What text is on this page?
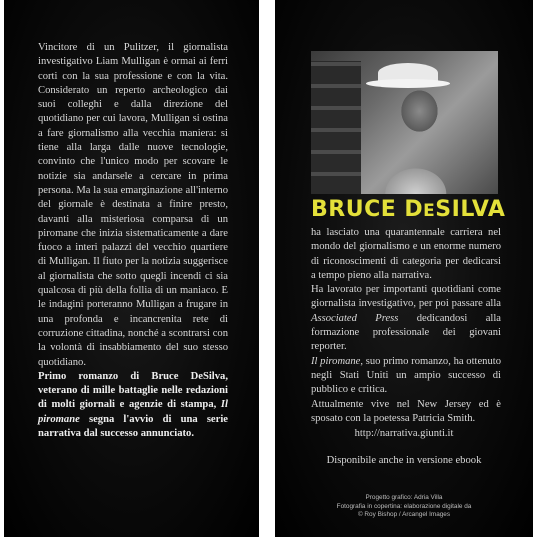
Vincitore di un Pulitzer, il giornalista investigativo Liam Mulligan è ormai ai ferri corti con la sua professione e con la vita. Considerato un reperto archeologico dai suoi colleghi e dalla direzione del quotidiano per cui lavora, Mulligan si ostina a fare giornalismo alla vecchia maniera: si tiene alla larga dalle nuove tecnologie, convinto che l'unico modo per scovare le notizie sia andarsele a cercare in prima persona. Ma la sua emarginazione all'interno del giornale è destinata a finire presto, davanti alla misteriosa comparsa di un piromane che inizia sistematicamente a dare fuoco a interi palazzi del vecchio quartiere di Mulligan. Il fiuto per la notizia suggerisce al giornalista che sotto quegli incendi ci sia qualcosa di più della follia di un maniaco. E le indagini porteranno Mulligan a frugare in una profonda e incancrenita rete di corruzione cittadina, nonché a scontrarsi con la volontà di insabbiamento del suo stesso quotidiano.

Primo romanzo di Bruce DeSilva, veterano di mille battaglie nelle redazioni di molti giornali e agenzie di stampa, Il piromane segna l'avvio di una serie narrativa dal successo annunciato.

BRUCE DESILVA

ha lasciato una quarantennale carriera nel mondo del giornalismo e un enorme numero di riconoscimenti di categoria per dedicarsi a tempo pieno alla narrativa.

Ha lavorato per importanti quotidiani come giornalista investigativo, per poi passare alla Associated Press dedicandosi alla formazione professionale dei giovani reporter.

Il piromane, suo primo romanzo, ha ottenuto negli Stati Uniti un ampio successo di pubblico e critica.

Attualmente vive nel New Jersey ed è sposato con la poetessa Patricia Smith.

http://narrativa.giunti.it
Disponibile anche in versione ebook
Progetto grafico: Adria Villa
Fotografia in copertina: elaborazione digitale da
© Roy Bishop / Arcangel Images
